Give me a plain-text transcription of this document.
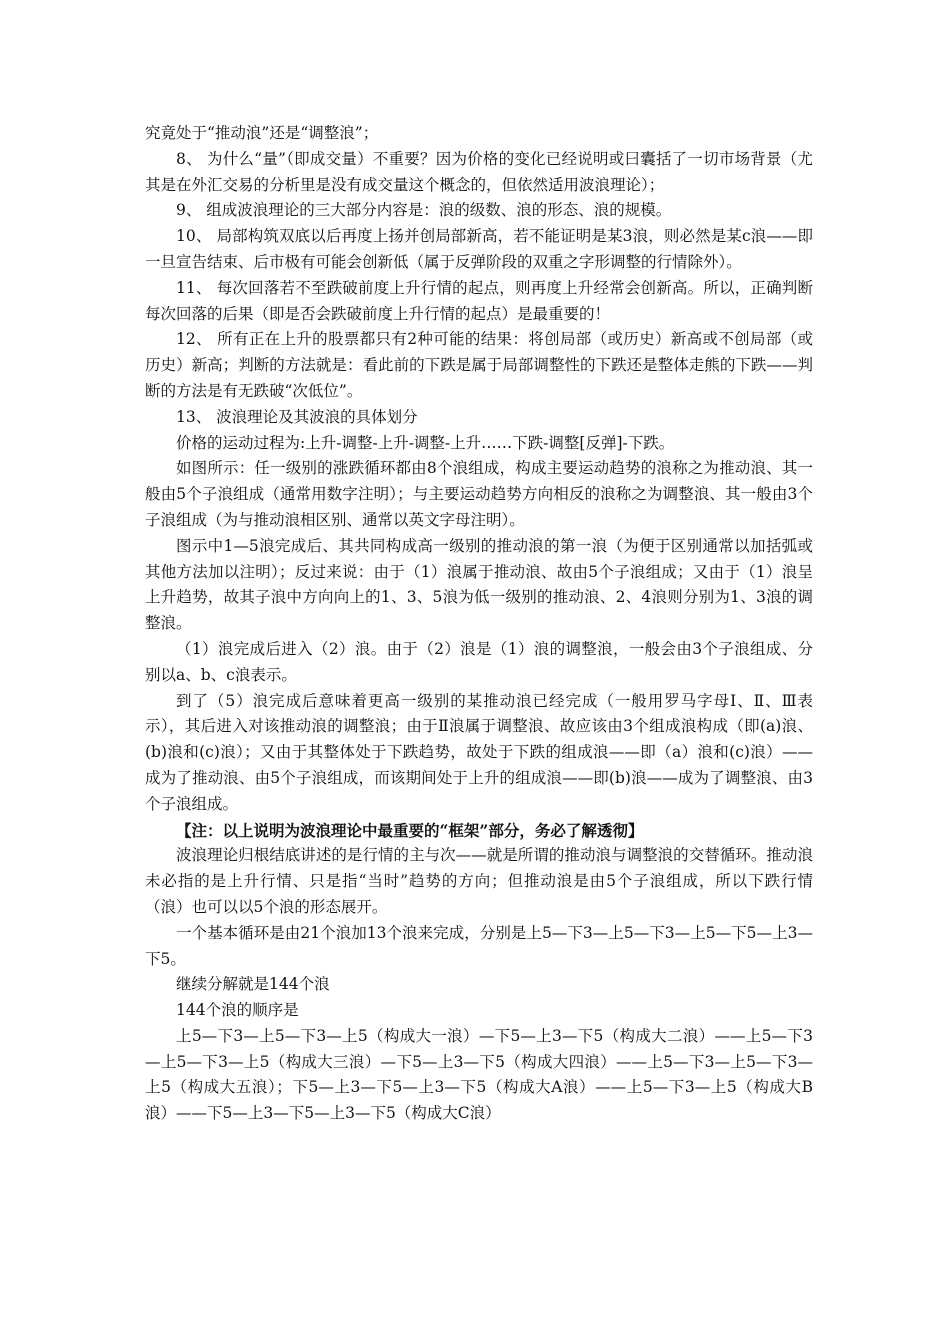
究竟处于“推动浪”还是“调整浪”；

8、 为什么“量”（即成交量）不重要？因为价格的变化已经说明或曰囊括了一切市场背景（尤其是在外汇交易的分析里是没有成交量这个概念的，但依然适用波浪理论）；

9、 组成波浪理论的三大部分内容是：浪的级数、浪的形态、浪的规模。

10、 局部构筑双底以后再度上扬并创局部新高，若不能证明是某3浪，则必然是某c浪——即一旦宣告结束、后市极有可能会创新低（属于反弹阶段的双重之字形调整的行情除外）。

11、 每次回落若不至跌破前度上升行情的起点，则再度上升经常会创新高。所以，正确判断每次回落的后果（即是否会跌破前度上升行情的起点）是最重要的！

12、 所有正在上升的股票都只有2种可能的结果：将创局部（或历史）新高或不创局部（或历史）新高；判断的方法就是：看此前的下跌是属于局部调整性的下跌还是整体走熊的下跌——判断的方法是有无跌破“次低位”。

13、 波浪理论及其波浪的具体划分

价格的运动过程为:上升-调整-上升-调整-上升……下跌-调整[反弹]-下跌。

如图所示：任一级别的涨跌循环都由8个浪组成，构成主要运动趋势的浪称之为推动浪、其一般由5个子浪组成（通常用数字注明）；与主要运动趋势方向相反的浪称之为调整浪、其一般由3个子浪组成（为与推动浪相区别、通常以英文字母注明）。

图示中1—5浪完成后、其共同构成高一级别的推动浪的第一浪（为便于区别通常以加括弧或其他方法加以注明）；反过来说：由于（1）浪属于推动浪、故由5个子浪组成；又由于（1）浪呈上升趋势，故其子浪中方向向上的1、3、5浪为低一级别的推动浪、2、4浪则分别为1、3浪的调整浪。

（1）浪完成后进入（2）浪。由于（2）浪是（1）浪的调整浪，一般会由3个子浪组成、分别以a、b、c浪表示。

到了（5）浪完成后意味着更高一级别的某推动浪已经完成（一般用罗马字母Ⅰ、Ⅱ、Ⅲ表示），其后进入对该推动浪的调整浪；由于Ⅱ浪属于调整浪、故应该由3个组成浪构成（即(a)浪、(b)浪和(c)浪）；又由于其整体处于下跌趋势，故处于下跌的组成浪——即（a）浪和(c)浪）——成为了推动浪、由5个子浪组成，而该期间处于上升的组成浪——即(b)浪——成为了调整浪、由3个子浪组成。

【注：以上说明为波浪理论中最重要的“框架”部分，务必了解透彻】

波浪理论归根结底讲述的是行情的主与次——就是所谓的推动浪与调整浪的交替循环。推动浪未必指的是上升行情、只是指“当时”趋势的方向；但推动浪是由5个子浪组成，所以下跌行情（浪）也可以以5个浪的形态展开。

一个基本循环是由21个浪加13个浪来完成，分别是上5—下3—上5—下3—上5—下5—上3—下5。

继续分解就是144个浪

144个浪的顺序是

上5—下3—上5—下3—上5（构成大一浪）—下5—上3—下5（构成大二浪）——上5—下3—上5—下3—上5（构成大三浪）—下5—上3—下5（构成大四浪）——上5—下3—上5—下3—上5（构成大五浪）；下5—上3—下5—上3—下5（构成大A浪）——上5—下3—上5（构成大B浪）——下5—上3—下5—上3—下5（构成大C浪）
